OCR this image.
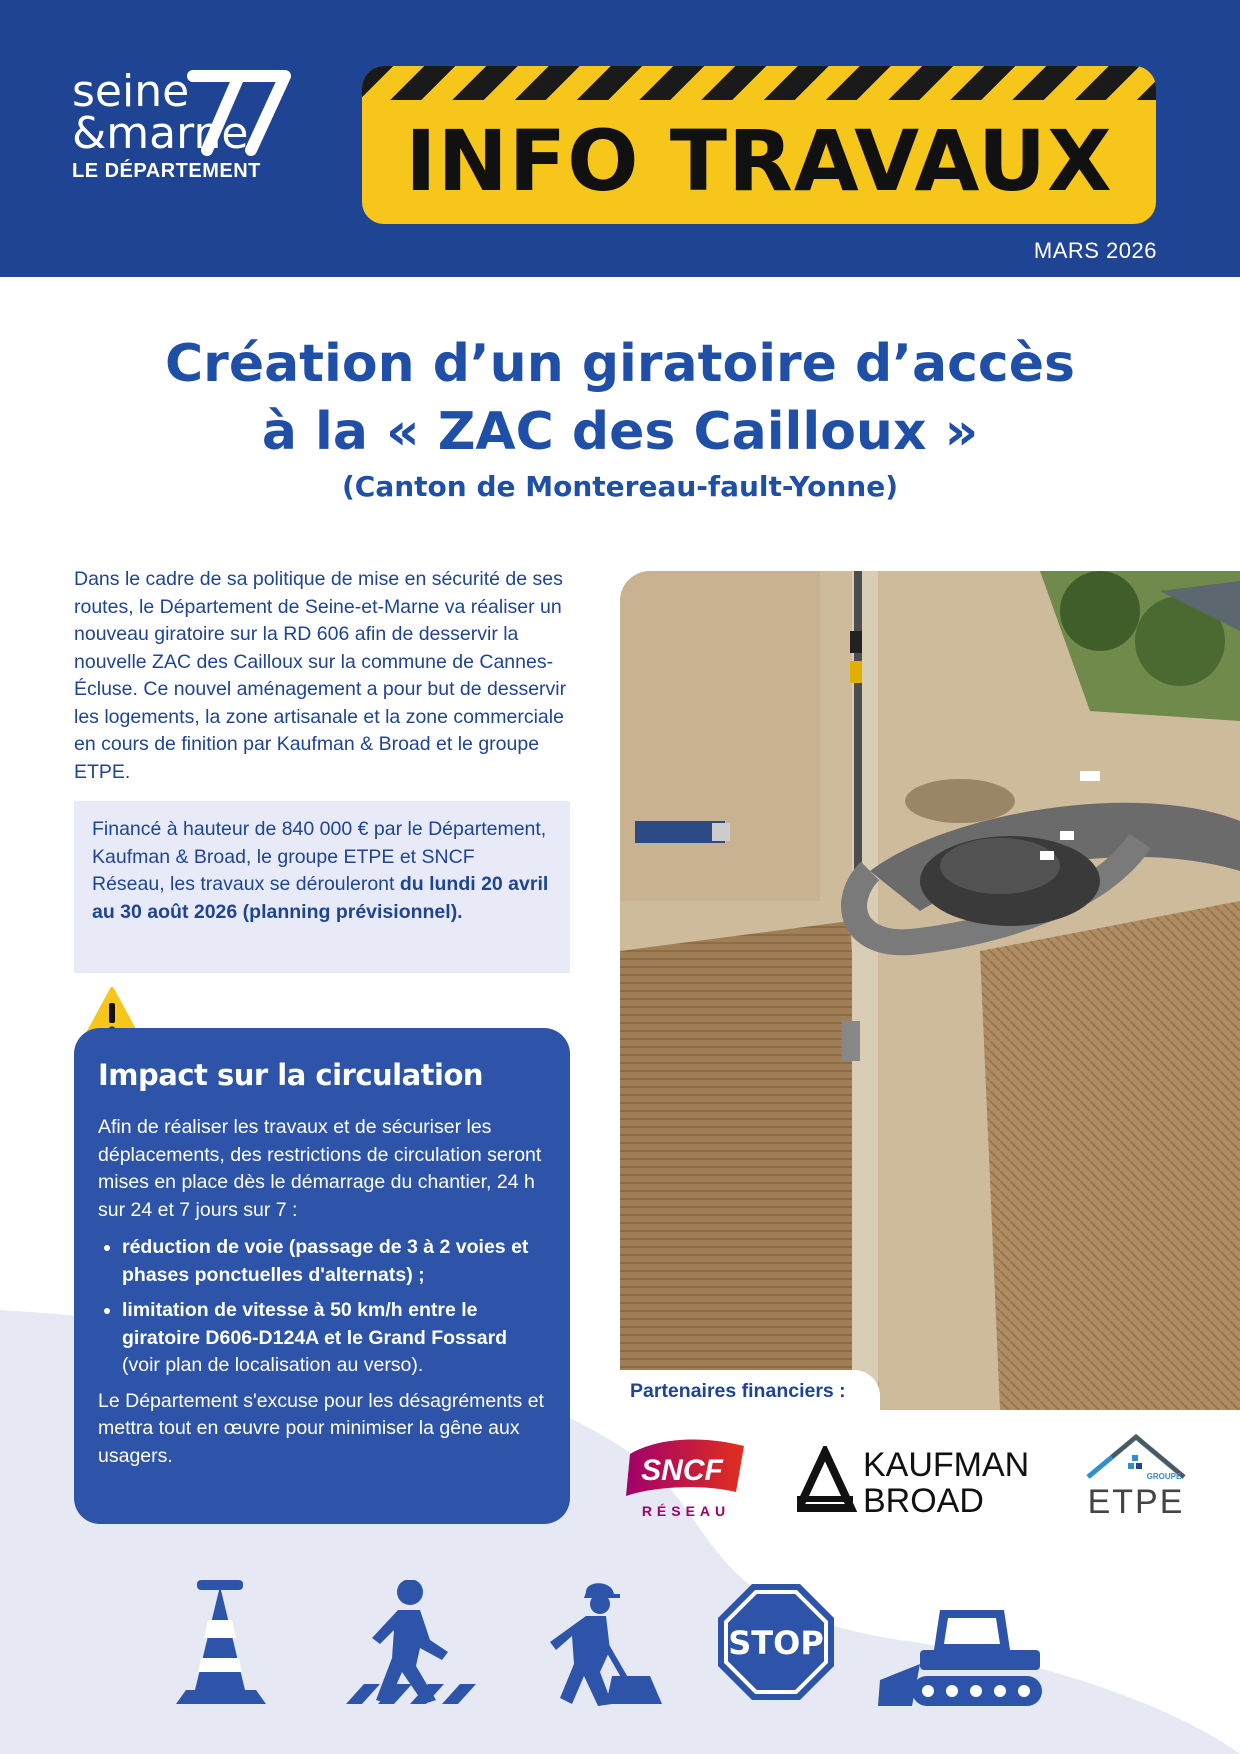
seine
&marne
LE DÉPARTEMENT	INFO TRAVAUX
MARS 2026
Création d’un giratoire d’accès
à la « ZAC des Cailloux »
(Canton de Montereau-fault-Yonne)
Dans le cadre de sa politique de mise en sécurité de ses routes, le Département de Seine-et-Marne va réaliser un nouveau giratoire sur la RD 606 afin de desservir la nouvelle ZAC des Cailloux sur la commune de Cannes-Écluse. Ce nouvel aménagement a pour but de desservir les logements, la zone artisanale et la zone commerciale en cours de finition par Kaufman & Broad et le groupe ETPE.
Financé à hauteur de 840 000 € par le Département, Kaufman & Broad, le groupe ETPE et SNCF Réseau, les travaux se dérouleront du lundi 20 avril au 30 août 2026 (planning prévisionnel).
Impact sur la circulation

Afin de réaliser les travaux et de sécuriser les déplacements, des restrictions de circulation seront mises en place dès le démarrage du chantier, 24 h sur 24 et 7 jours sur 7 :

• réduction de voie (passage de 3 à 2 voies et phases ponctuelles d'alternats) ;
• limitation de vitesse à 50 km/h entre le giratoire D606-D124A et le Grand Fossard (voir plan de localisation au verso).

Le Département s'excuse pour les désagréments et mettra tout en œuvre pour minimiser la gêne aux usagers.

Partenaires financiers :
SNCF
RÉSEAU
KAUFMAN
BROAD
GROUPE
ETPE
STOP
